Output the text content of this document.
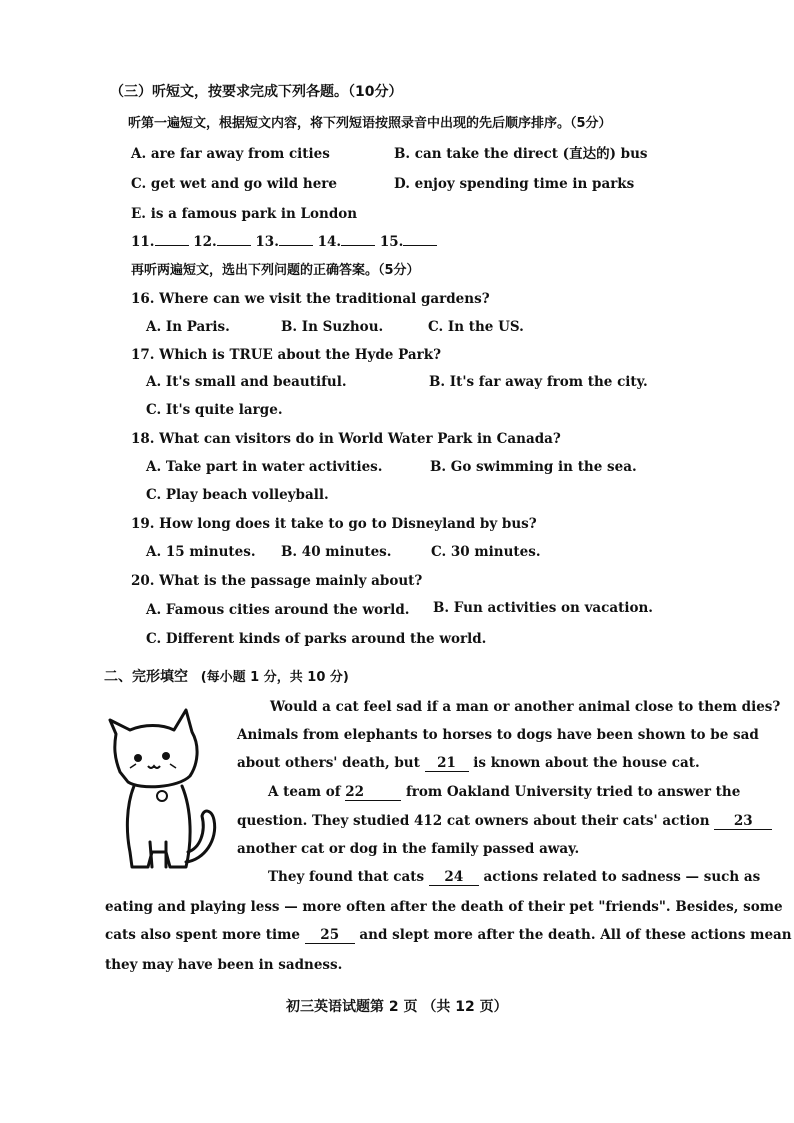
（三）听短文，按要求完成下列各题。（10分）
听第一遍短文，根据短文内容，将下列短语按照录音中出现的先后顺序排序。（5分）
A. are far away from cities	B. can take the direct (直达的) bus
C. get wet and go wild here	D. enjoy spending time in parks
E. is a famous park in London
11.	12.	13.	14.	15.
再听两遍短文，选出下列问题的正确答案。（5分）
16. Where can we visit the traditional gardens?
A. In Paris.	B. In Suzhou.	C. In the US.
17. Which is TRUE about the Hyde Park?
A. It's small and beautiful.	B. It's far away from the city.
C. It's quite large.
18. What can visitors do in World Water Park in Canada?
A. Take part in water activities.	B. Go swimming in the sea.
C. Play beach volleyball.
19. How long does it take to go to Disneyland by bus?
A. 15 minutes. B. 40 minutes.	C. 30 minutes.
20. What is the passage mainly about?
A. Famous cities around the world. B. Fun activities on vacation.
C. Different kinds of parks around the world.
二、完形填空 (每小题 1 分，共 10 分)
Would a cat feel sad if a man or another animal close to them dies?
Animals from elephants to horses to dogs have been shown to be sad
about others' death, but 21 is known about the house cat.
A team of 22	from Oakland University tried to answer the
question. They studied 412 cat owners about their cats' action 23
another cat or dog in the family passed away.
They found that cats 24 actions related to sadness — such as
eating and playing less — more often after the death of their pet "friends". Besides, some
cats also spent more time 25 and slept more after the death. All of these actions mean
they may have been in sadness.
初三英语试题第 2 页 （共 12 页）
